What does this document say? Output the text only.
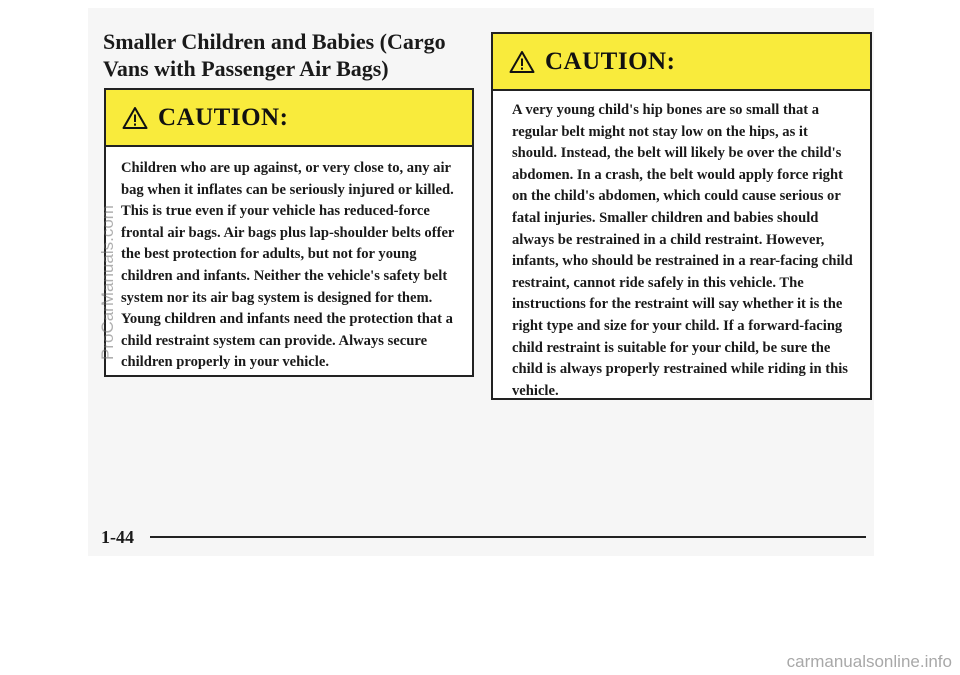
Smaller Children and Babies (Cargo Vans with Passenger Air Bags)
CAUTION:

Children who are up against, or very close to, any air bag when it inflates can be seriously injured or killed. This is true even if your vehicle has reduced-force frontal air bags. Air bags plus lap-shoulder belts offer the best protection for adults, but not for young children and infants. Neither the vehicle's safety belt system nor its air bag system is designed for them. Young children and infants need the protection that a child restraint system can provide. Always secure children properly in your vehicle.

CAUTION:

A very young child's hip bones are so small that a regular belt might not stay low on the hips, as it should. Instead, the belt will likely be over the child's abdomen. In a crash, the belt would apply force right on the child's abdomen, which could cause serious or fatal injuries. Smaller children and babies should always be restrained in a child restraint. However, infants, who should be restrained in a rear-facing child restraint, cannot ride safely in this vehicle. The instructions for the restraint will say whether it is the right type and size for your child. If a forward-facing child restraint is suitable for your child, be sure the child is always properly restrained while riding in this vehicle.

1-44
ProCarManuals.com
carmanualsonline.info
